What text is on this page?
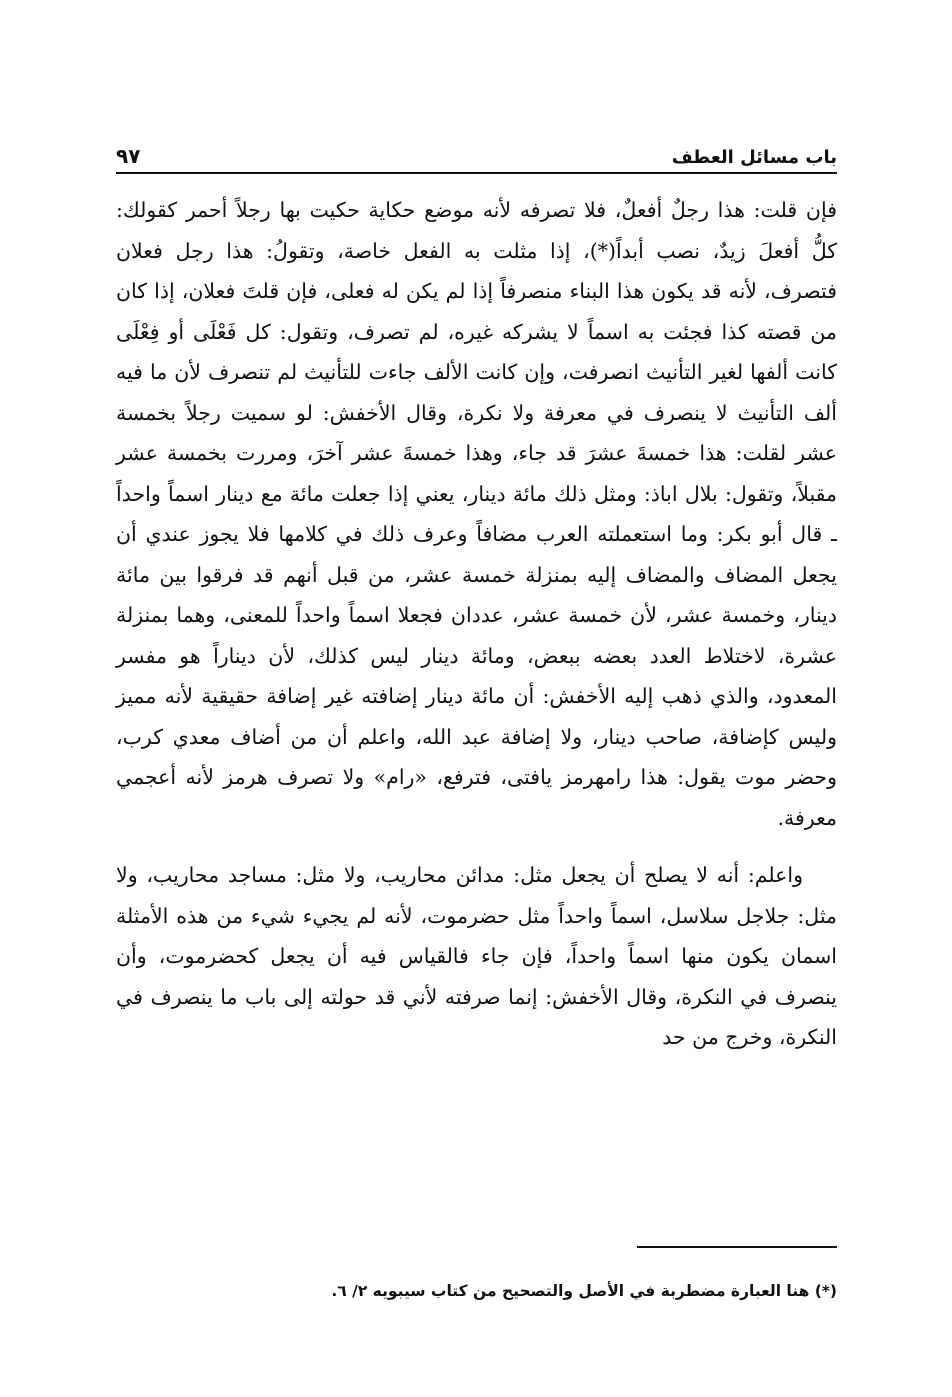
باب مسائل العطف
٩٧

فإن قلت: هذا رجلٌ أفعلٌ، فلا تصرفه لأنه موضع حكاية حكيت بها رجلاً أحمر كقولك: كلُّ أفعلَ زيدٌ، نصب أبداً(*)، إذا مثلت به الفعل خاصة، وتقولُ: هذا رجل فعلان فتصرف، لأنه قد يكون هذا البناء منصرفاً إذا لم يكن له فعلى، فإن قلتَ فعلان، إذا كان من قصته كذا فجئت به اسماً لا يشركه غيره، لم تصرف، وتقول: كل فَعْلَى أو فِعْلَى كانت ألفها لغير التأنيث انصرفت، وإن كانت الألف جاءت للتأنيث لم تنصرف لأن ما فيه ألف التأنيث لا ينصرف في معرفة ولا نكرة، وقال الأخفش: لو سميت رجلاً بخمسة عشر لقلت: هذا خمسةَ عشرَ قد جاء، وهذا خمسةَ عشر آخرَ، ومررت بخمسة عشر مقبلاً، وتقول: بلال اباذ: ومثل ذلك مائة دينار، يعني إذا جعلت مائة مع دينار اسماً واحداً ـ قال أبو بكر: وما استعملته العرب مضافاً وعرف ذلك في كلامها فلا يجوز عندي أن يجعل المضاف والمضاف إليه بمنزلة خمسة عشر، من قبل أنهم قد فرقوا بين مائة دينار، وخمسة عشر، لأن خمسة عشر، عددان فجعلا اسماً واحداً للمعنى، وهما بمنزلة عشرة، لاختلاط العدد بعضه ببعض، ومائة دينار ليس كذلك، لأن ديناراً هو مفسر المعدود، والذي ذهب إليه الأخفش: أن مائة دينار إضافته غير إضافة حقيقية لأنه مميز وليس كإضافة، صاحب دينار، ولا إضافة عبد الله، واعلم أن من أضاف معدي كرب، وحضر موت يقول: هذا رامهرمز يافتى، فترفع، «رام» ولا تصرف هرمز لأنه أعجمي معرفة.

واعلم: أنه لا يصلح أن يجعل مثل: مدائن محاريب، ولا مثل: مساجد محاريب، ولا مثل: جلاجل سلاسل، اسماً واحداً مثل حضرموت، لأنه لم يجيء شيء من هذه الأمثلة اسمان يكون منها اسماً واحداً، فإن جاء فالقياس فيه أن يجعل كحضرموت، وأن ينصرف في النكرة، وقال الأخفش: إنما صرفته لأني قد حولته إلى باب ما ينصرف في النكرة، وخرج من حد

(*) هنا العبارة مضطربة في الأصل والتصحيح من كتاب سيبويه ٢/ ٦.
